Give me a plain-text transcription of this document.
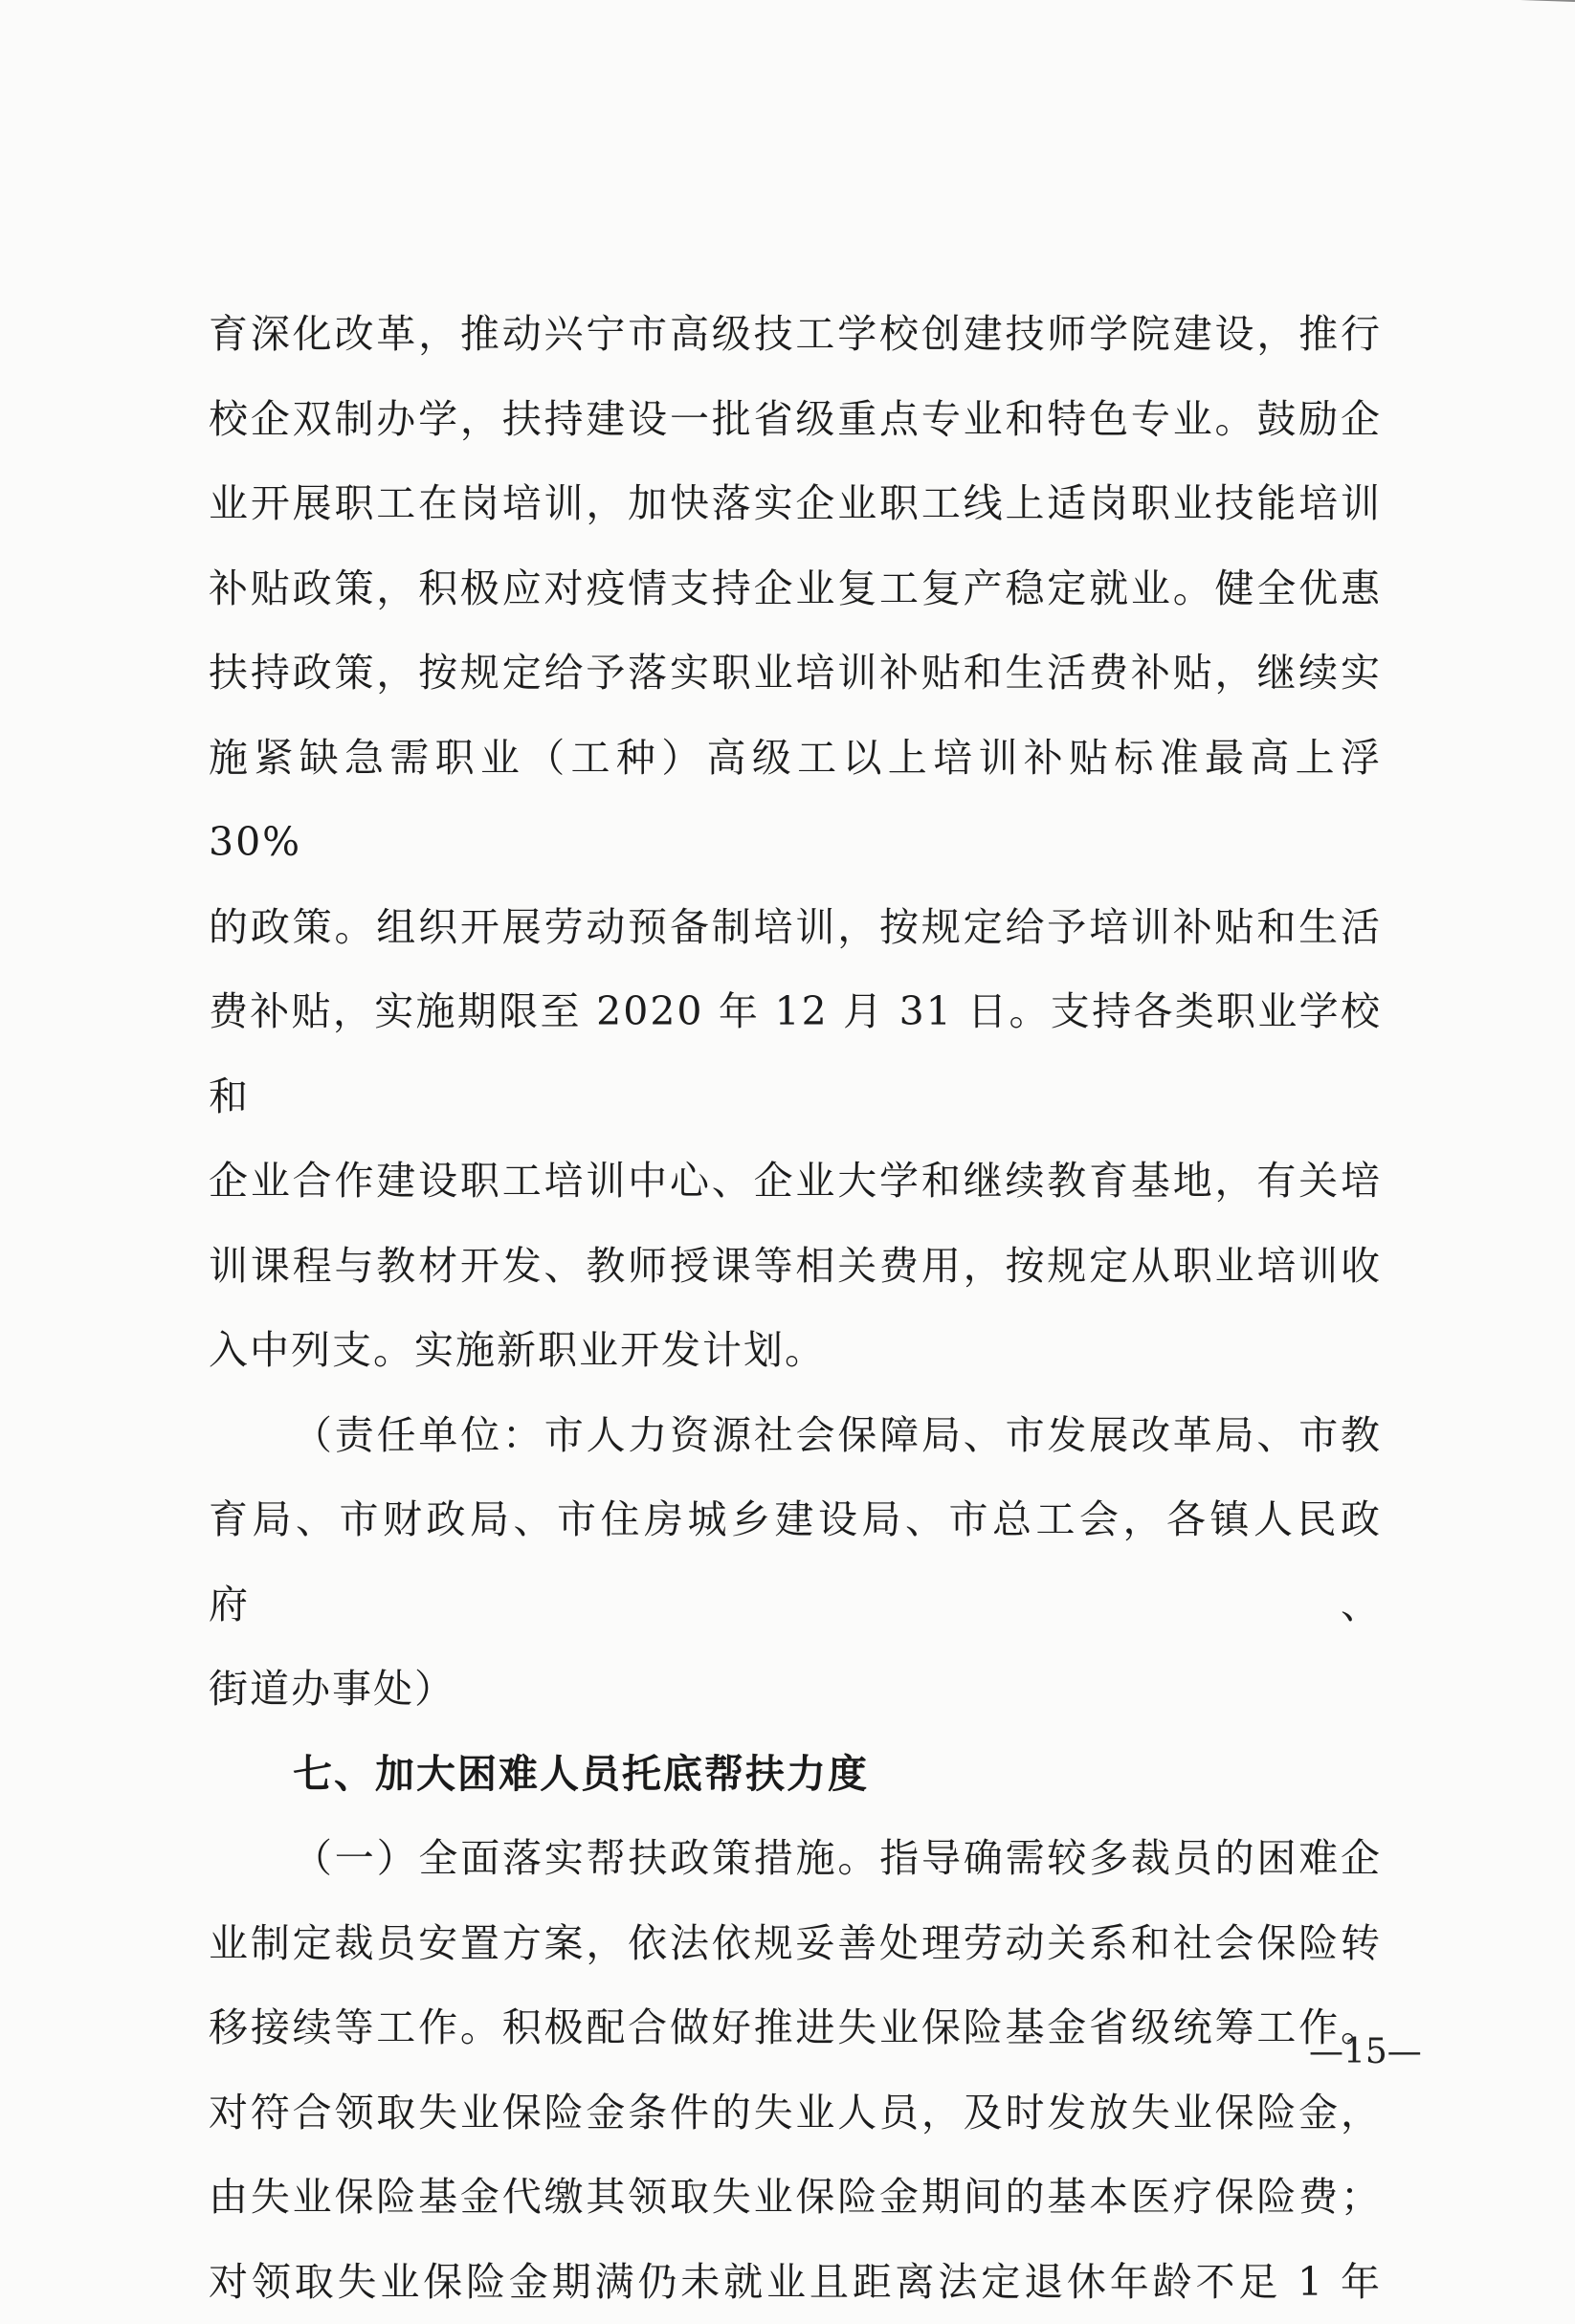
育深化改革，推动兴宁市高级技工学校创建技师学院建设，推行
校企双制办学，扶持建设一批省级重点专业和特色专业。鼓励企
业开展职工在岗培训，加快落实企业职工线上适岗职业技能培训
补贴政策，积极应对疫情支持企业复工复产稳定就业。健全优惠
扶持政策，按规定给予落实职业培训补贴和生活费补贴，继续实
施紧缺急需职业（工种）高级工以上培训补贴标准最高上浮 30%
的政策。组织开展劳动预备制培训，按规定给予培训补贴和生活
费补贴，实施期限至 2020 年 12 月 31 日。支持各类职业学校和
企业合作建设职工培训中心、企业大学和继续教育基地，有关培
训课程与教材开发、教师授课等相关费用，按规定从职业培训收

入中列支。实施新职业开发计划。

（责任单位：市人力资源社会保障局、市发展改革局、市教

育局、市财政局、市住房城乡建设局、市总工会，各镇人民政府、

街道办事处）

七、加大困难人员托底帮扶力度

（一）全面落实帮扶政策措施。指导确需较多裁员的困难企

业制定裁员安置方案，依法依规妥善处理劳动关系和社会保险转
移接续等工作。积极配合做好推进失业保险基金省级统筹工作。
对符合领取失业保险金条件的失业人员，及时发放失业保险金，
由失业保险基金代缴其领取失业保险金期间的基本医疗保险费；
对领取失业保险金期满仍未就业且距离法定退休年龄不足 1 年

—15—
